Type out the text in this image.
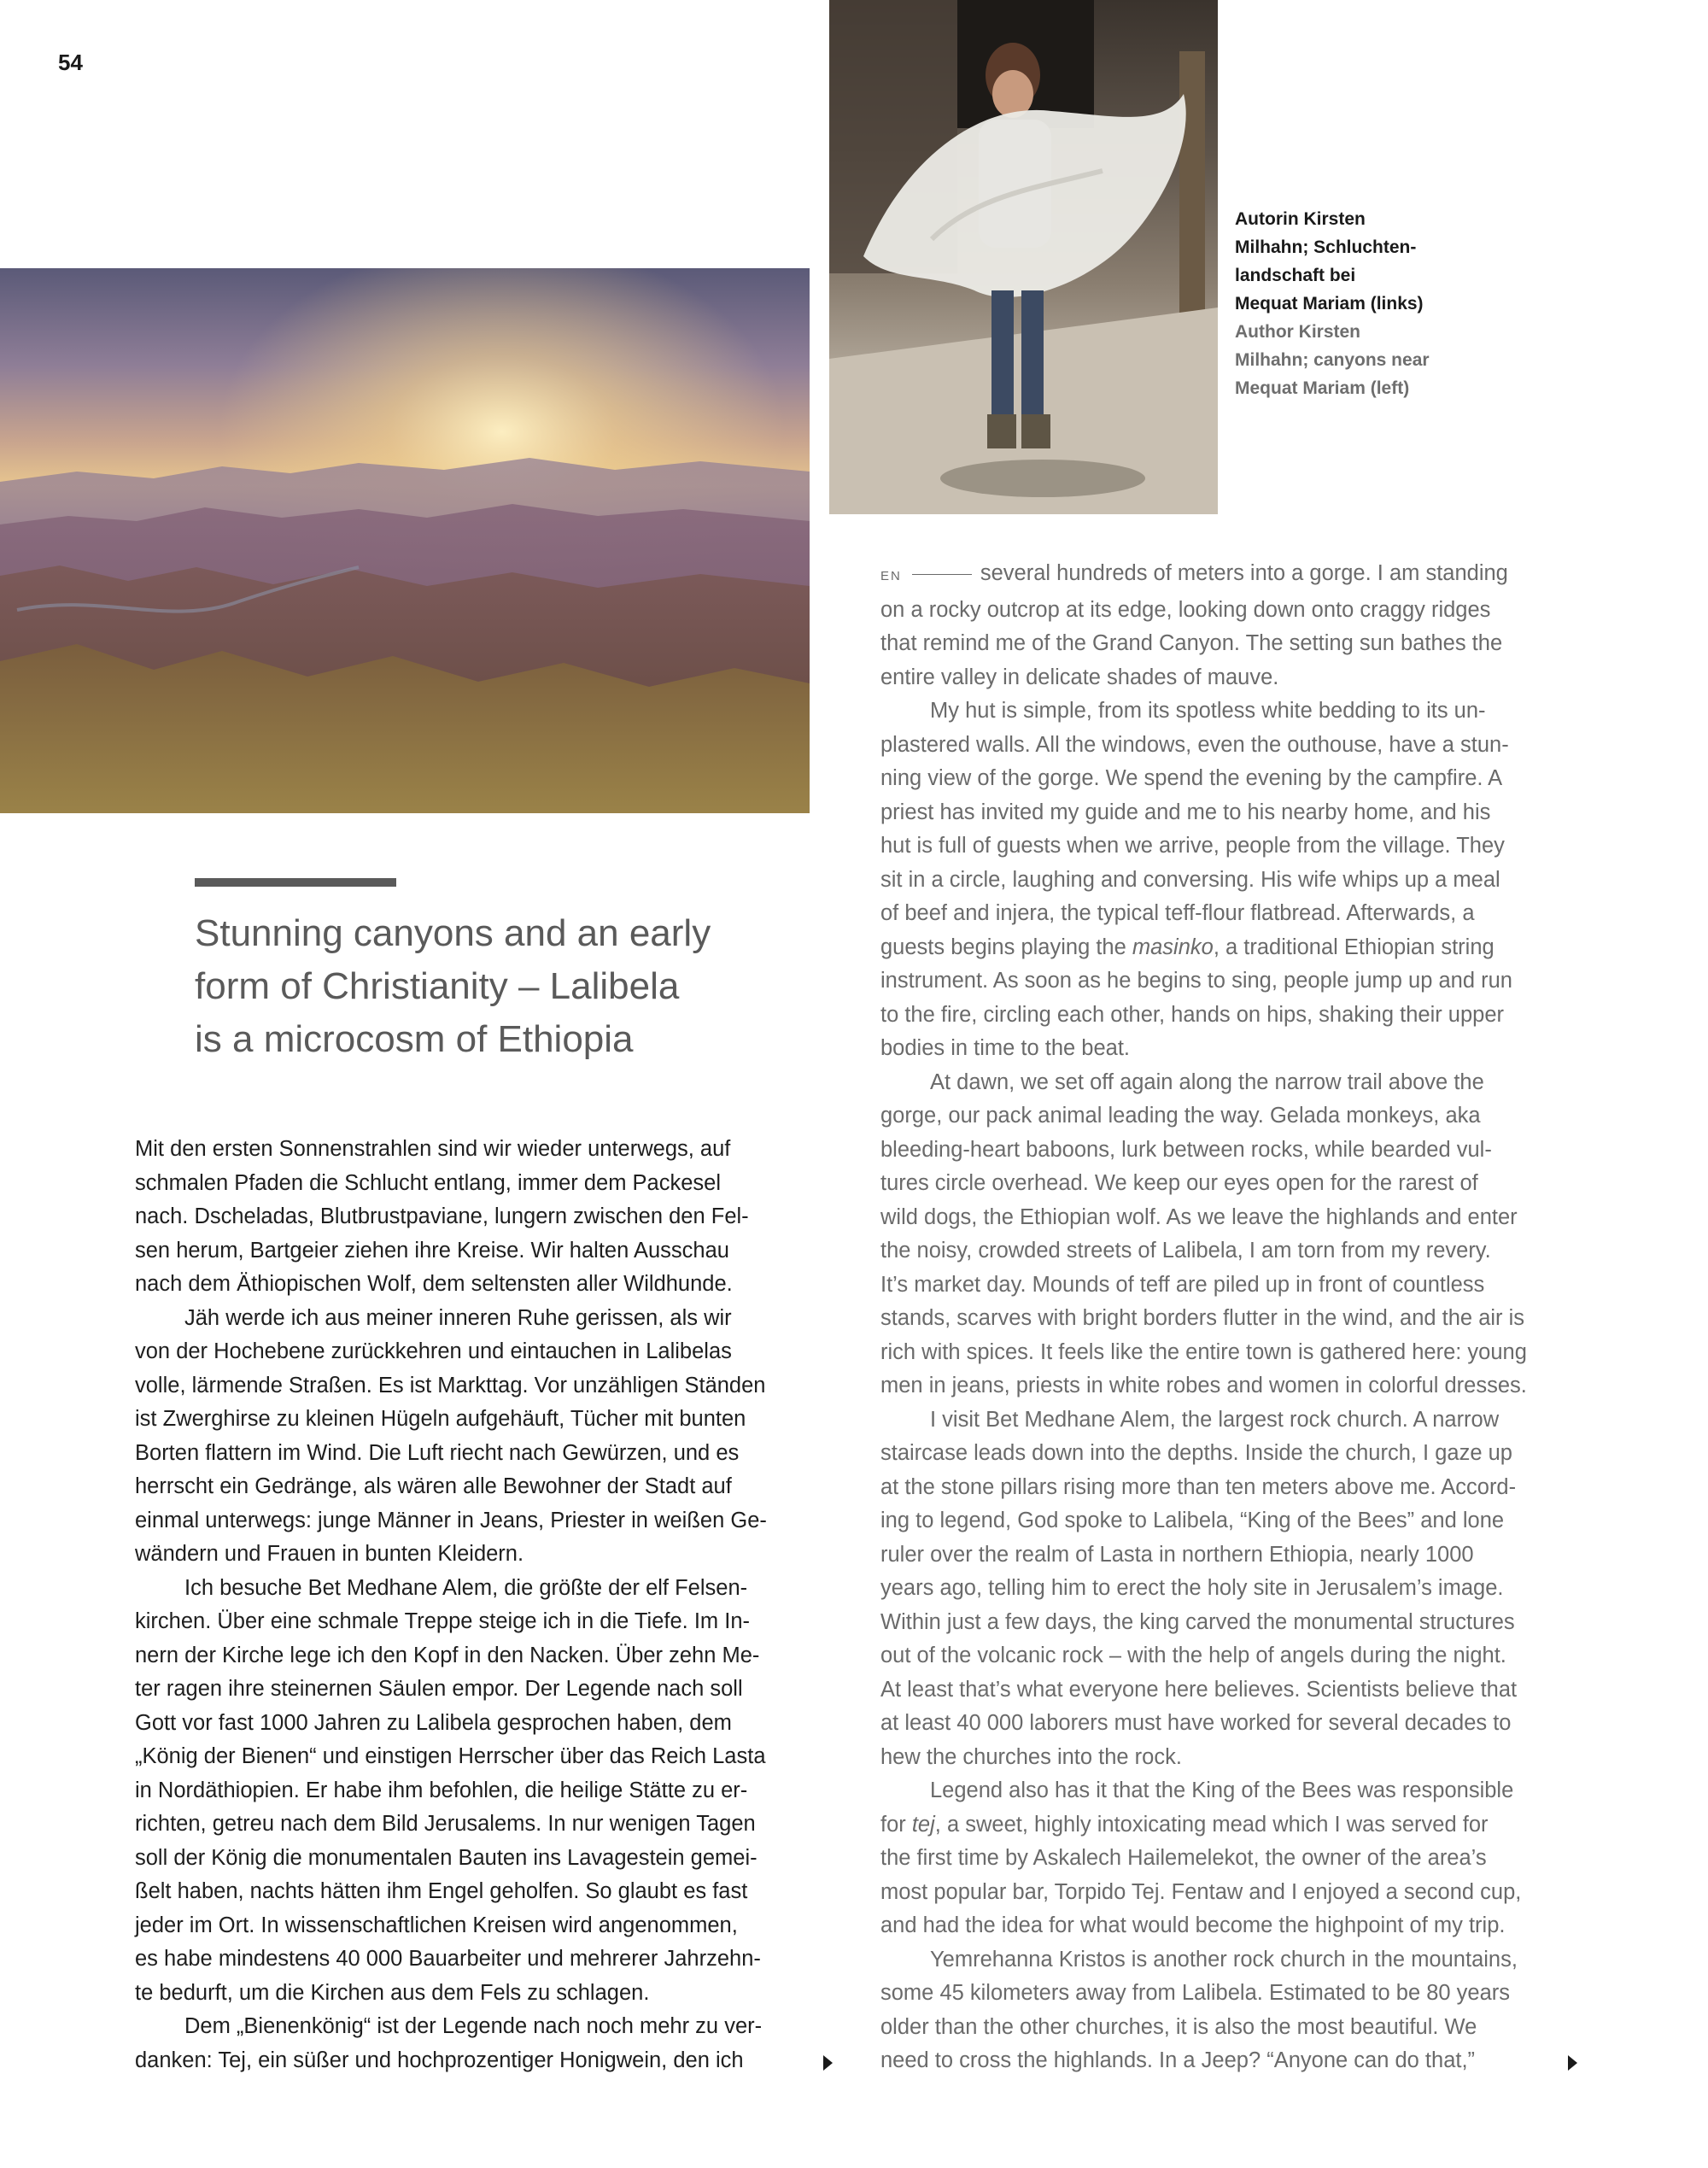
54
Autorin Kirsten
Milhahn; Schluchten-
landschaft bei
Mequat Mariam (links)
Author Kirsten
Milhahn; canyons near
Mequat Mariam (left)
Stunning canyons and an early
form of Christianity – Lalibela
is a microcosm of Ethiopia
Mit den ersten Sonnenstrahlen sind wir wieder unterwegs, auf
schmalen Pfaden die Schlucht entlang, immer dem Packesel
nach. Dscheladas, Blutbrustpaviane, lungern zwischen den Fel-
sen herum, Bartgeier ziehen ihre Kreise. Wir halten Ausschau
nach dem Äthiopischen Wolf, dem seltensten aller Wildhunde.
Jäh werde ich aus meiner inneren Ruhe gerissen, als wir
von der Hochebene zurückkehren und eintauchen in Lalibelas
volle, lärmende Straßen. Es ist Markttag. Vor unzähligen Ständen
ist Zwerghirse zu kleinen Hügeln aufgehäuft, Tücher mit bunten
Borten flattern im Wind. Die Luft riecht nach Gewürzen, und es
herrscht ein Gedränge, als wären alle Bewohner der Stadt auf
einmal unterwegs: junge Männer in Jeans, Priester in weißen Ge-
wändern und Frauen in bunten Kleidern.
Ich besuche Bet Medhane Alem, die größte der elf Felsen-
kirchen. Über eine schmale Treppe steige ich in die Tiefe. Im In-
nern der Kirche lege ich den Kopf in den Nacken. Über zehn Me-
ter ragen ihre steinernen Säulen empor. Der Legende nach soll
Gott vor fast 1000 Jahren zu Lalibela gesprochen haben, dem
„König der Bienen“ und einstigen Herrscher über das Reich Lasta
in Nordäthiopien. Er habe ihm befohlen, die heilige Stätte zu er-
richten, getreu nach dem Bild Jerusalems. In nur wenigen Tagen
soll der König die monumentalen Bauten ins Lavagestein gemei-
ßelt haben, nachts hätten ihm Engel geholfen. So glaubt es fast
jeder im Ort. In wissenschaftlichen Kreisen wird angenommen,
es habe mindestens 40 000 Bauarbeiter und mehrerer Jahrzehn-
te bedurft, um die Kirchen aus dem Fels zu schlagen.
Dem „Bienenkönig“ ist der Legende nach noch mehr zu ver-
danken: Tej, ein süßer und hochprozentiger Honigwein, den ich
EN	several hundreds of meters into a gorge. I am standing
on a rocky outcrop at its edge, looking down onto craggy ridges
that remind me of the Grand Canyon. The setting sun bathes the
entire valley in delicate shades of mauve.
My hut is simple, from its spotless white bedding to its un-
plastered walls. All the windows, even the outhouse, have a stun-
ning view of the gorge. We spend the evening by the campfire. A
priest has invited my guide and me to his nearby home, and his
hut is full of guests when we arrive, people from the village. They
sit in a circle, laughing and conversing. His wife whips up a meal
of beef and injera, the typical teff-flour flatbread. Afterwards, a
guests begins playing the masinko, a traditional Ethiopian string
instrument. As soon as he begins to sing, people jump up and run
to the fire, circling each other, hands on hips, shaking their upper
bodies in time to the beat.
At dawn, we set off again along the narrow trail above the
gorge, our pack animal leading the way. Gelada monkeys, aka
bleeding-heart baboons, lurk between rocks, while bearded vul-
tures circle overhead. We keep our eyes open for the rarest of
wild dogs, the Ethiopian wolf. As we leave the highlands and enter
the noisy, crowded streets of Lalibela, I am torn from my revery.
It’s market day. Mounds of teff are piled up in front of countless
stands, scarves with bright borders flutter in the wind, and the air is
rich with spices. It feels like the entire town is gathered here: young
men in jeans, priests in white robes and women in colorful dresses.
I visit Bet Medhane Alem, the largest rock church. A narrow
staircase leads down into the depths. Inside the church, I gaze up
at the stone pillars rising more than ten meters above me. Accord-
ing to legend, God spoke to Lalibela, “King of the Bees” and lone
ruler over the realm of Lasta in northern Ethiopia, nearly 1000
years ago, telling him to erect the holy site in Jerusalem’s image.
Within just a few days, the king carved the monumental structures
out of the volcanic rock – with the help of angels during the night.
At least that’s what everyone here believes. Scientists believe that
at least 40 000 laborers must have worked for several decades to
hew the churches into the rock.
Legend also has it that the King of the Bees was responsible
for tej, a sweet, highly intoxicating mead which I was served for
the first time by Askalech Hailemelekot, the owner of the area’s
most popular bar, Torpido Tej. Fentaw and I enjoyed a second cup,
and had the idea for what would become the highpoint of my trip.
Yemrehanna Kristos is another rock church in the mountains,
some 45 kilometers away from Lalibela. Estimated to be 80 years
older than the other churches, it is also the most beautiful. We
need to cross the highlands. In a Jeep? “Anyone can do that,”
